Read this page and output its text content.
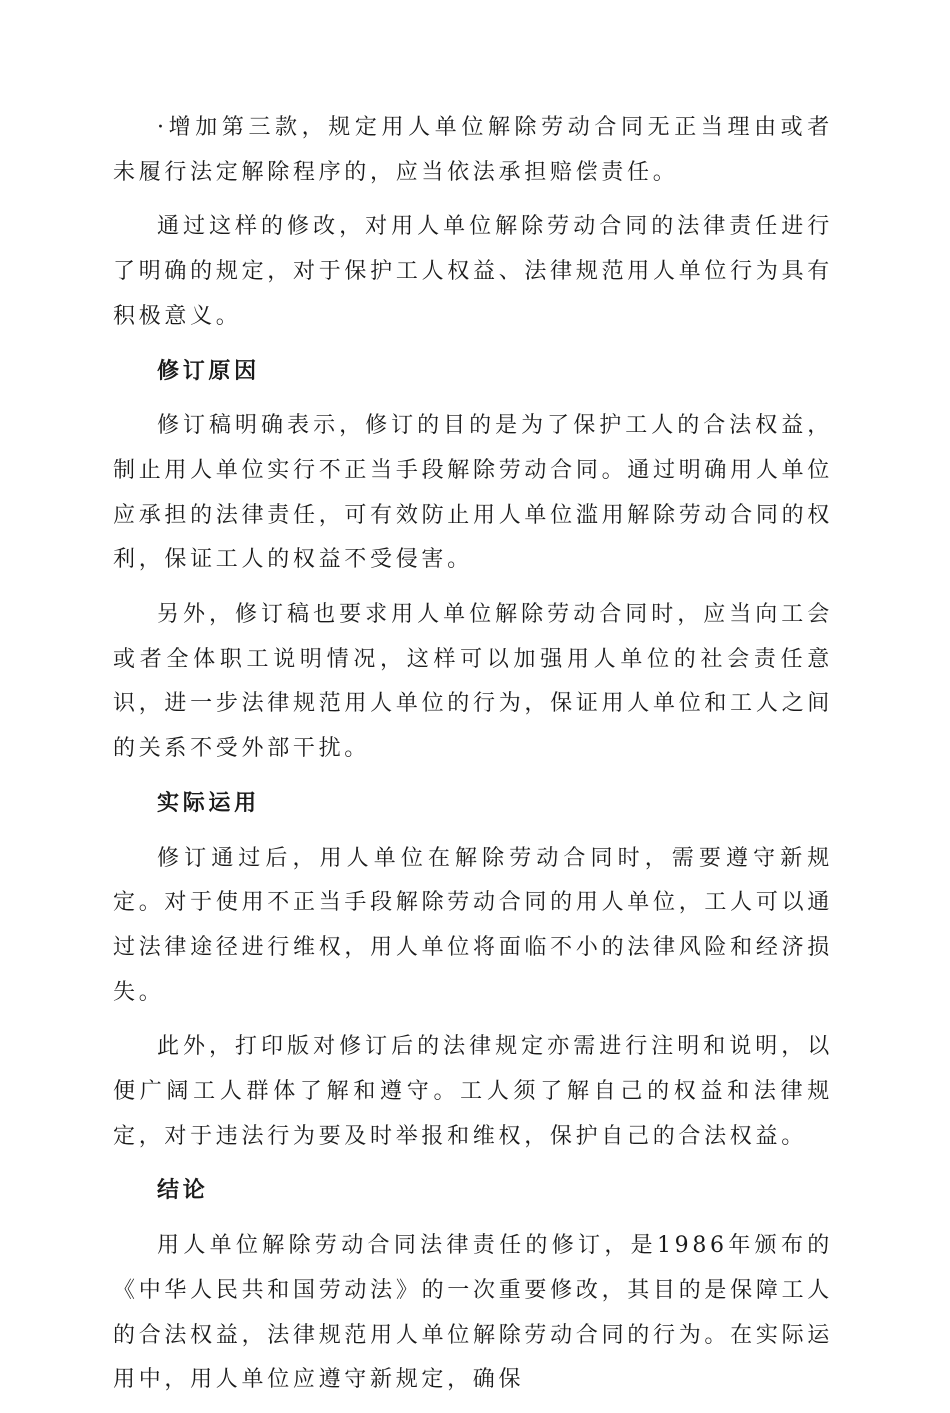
·增加第三款，规定用人单位解除劳动合同无正当理由或者未履行法定解除程序的，应当依法承担赔偿责任。

通过这样的修改，对用人单位解除劳动合同的法律责任进行了明确的规定，对于保护工人权益、法律规范用人单位行为具有积极意义。

修订原因

修订稿明确表示，修订的目的是为了保护工人的合法权益，制止用人单位实行不正当手段解除劳动合同。通过明确用人单位应承担的法律责任，可有效防止用人单位滥用解除劳动合同的权利，保证工人的权益不受侵害。

另外，修订稿也要求用人单位解除劳动合同时，应当向工会或者全体职工说明情况，这样可以加强用人单位的社会责任意识，进一步法律规范用人单位的行为，保证用人单位和工人之间的关系不受外部干扰。

实际运用

修订通过后，用人单位在解除劳动合同时，需要遵守新规定。对于使用不正当手段解除劳动合同的用人单位，工人可以通过法律途径进行维权，用人单位将面临不小的法律风险和经济损失。

此外，打印版对修订后的法律规定亦需进行注明和说明，以便广阔工人群体了解和遵守。工人须了解自己的权益和法律规定，对于违法行为要及时举报和维权，保护自己的合法权益。

结论

用人单位解除劳动合同法律责任的修订，是1986年颁布的《中华人民共和国劳动法》的一次重要修改，其目的是保障工人的合法权益，法律规范用人单位解除劳动合同的行为。在实际运用中，用人单位应遵守新规定，确保
